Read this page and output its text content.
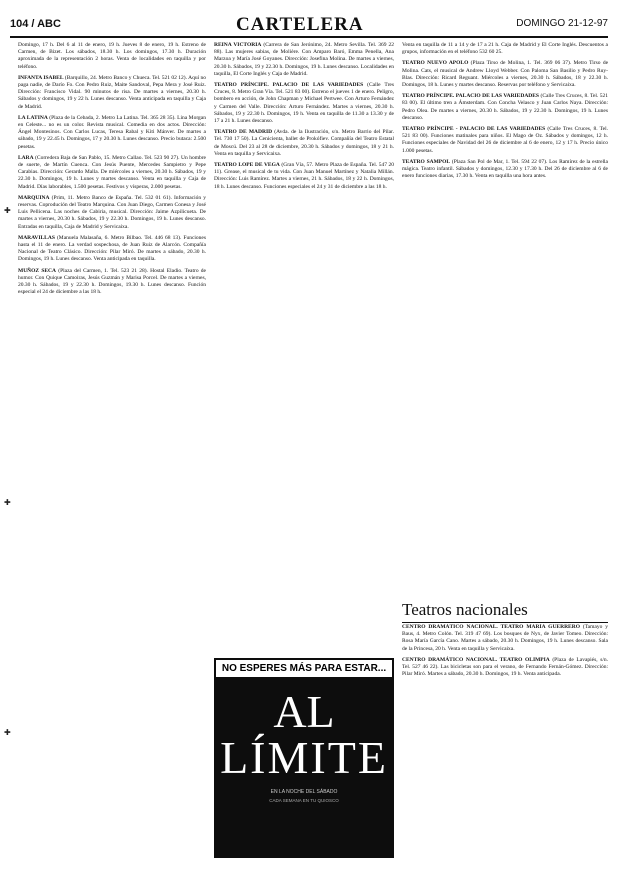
104 / ABC	CARTELERA	DOMINGO 21-12-97
✚
✚
✚

Domingo, 17 h. Del 6 al 11 de enero, 19 h. Jueves 8 de enero, 19 h. Estreno de Carmen, de Bizet. Los sábados, 18.30 h. Los domingos, 17.30 h. Duración aproximada de la representación 2 horas. Venta de localidades en taquilla y por teléfono.

INFANTA ISABEL (Barquillo, 24. Metro Banco y Chueca. Tel. 521 02 12). Aquí no paga nadie, de Darío Fo. Con Pedro Ruiz, Maite Sandoval, Pepa Mera y José Ruiz. Dirección: Francisco Vidal. 90 minutos de risa. De martes a viernes, 20.30 h. Sábados y domingos, 19 y 22 h. Lunes descanso. Venta anticipada en taquilla y Caja de Madrid.

LA LATINA (Plaza de la Cebada, 2. Metro La Latina. Tel. 365 28 35). Lina Morgan en Celeste... no es un color. Revista musical. Comedia en dos actos. Dirección: Ángel Montesinos. Con Carlos Lucas, Teresa Rabal y Kiti Mánver. De martes a sábado, 19 y 22.45 h. Domingos, 17 y 20.30 h. Lunes descanso. Precio butaca: 2.500 pesetas.

LARA (Corredera Baja de San Pablo, 15. Metro Callao. Tel. 523 90 27). Un hombre de suerte, de Martín Cuenca. Con Jesús Puente, Mercedes Sampietro y Pepe Carabias. Dirección: Gerardo Malla. De miércoles a viernes, 20.30 h. Sábados, 19 y 22.30 h. Domingos, 19 h. Lunes y martes descanso. Venta en taquilla y Caja de Madrid. Días laborables, 1.500 pesetas. Festivos y vísperas, 2.000 pesetas.

MARQUINA (Prim, 11. Metro Banco de España. Tel. 532 01 61). Información y reservas. Coprodución del Teatro Marquina. Con Juan Diego, Carmen Conesa y José Luis Pellicena. Las noches de Cabiria, musical. Dirección: Jaime Azpilicueta. De martes a viernes, 20.30 h. Sábados, 19 y 22.30 h. Domingos, 19 h. Lunes descanso. Entradas en taquilla, Caja de Madrid y Servicaixa.

MARAVILLAS (Manuela Malasaña, 6. Metro Bilbao. Tel. 446 68 13). Funciones hasta el 11 de enero. La verdad sospechosa, de Juan Ruiz de Alarcón. Compañía Nacional de Teatro Clásico. Dirección: Pilar Miró. De martes a sábado, 20.30 h. Domingos, 19 h. Lunes descanso. Venta anticipada en taquilla.

MUÑOZ SECA (Plaza del Carmen, 1. Tel. 523 21 28). Hostal Eladio. Teatro de humor. Con Quique Camoiras, Jesús Guzmán y Marisa Porcel. De martes a viernes, 20.30 h. Sábados, 19 y 22.30 h. Domingos, 19.30 h. Lunes descanso. Función especial el 24 de diciembre a las 18 h.

REINA VICTORIA (Carrera de San Jerónimo, 24. Metro Sevilla. Tel. 369 22 88). Las mujeres sabias, de Molière. Con Amparo Baró, Emma Penella, Ana Marzoa y María José Goyanes. Dirección: Josefina Molina. De martes a viernes, 20.30 h. Sábados, 19 y 22.30 h. Domingos, 19 h. Lunes descanso. Localidades en taquilla, El Corte Inglés y Caja de Madrid.

TEATRO PRÍNCIPE. PALACIO DE LAS VARIEDADES (Calle Tres Cruces, 8. Metro Gran Vía. Tel. 521 83 00). Estreno el jueves 1 de enero. Peligro, bombero en acción, de John Chapman y Michael Pertwee. Con Arturo Fernández y Carmen del Valle. Dirección: Arturo Fernández. Martes a viernes, 20.30 h. Sábados, 19 y 22.30 h. Domingos, 19 h. Venta en taquilla de 11.30 a 13.30 y de 17 a 21 h. Lunes descanso.

TEATRO DE MADRID (Avda. de la Ilustración, s/n. Metro Barrio del Pilar. Tel. 730 17 50). La Cenicienta, ballet de Prokófiev. Compañía del Teatro Estatal de Moscú. Del 23 al 28 de diciembre, 20.30 h. Sábados y domingos, 18 y 21 h. Venta en taquilla y Servicaixa.

TEATRO LOPE DE VEGA (Gran Vía, 57. Metro Plaza de España. Tel. 547 20 11). Grease, el musical de tu vida. Con Juan Manuel Martínez y Natalia Millán. Dirección: Luis Ramírez. Martes a viernes, 21 h. Sábados, 18 y 22 h. Domingos, 18 h. Lunes descanso. Funciones especiales el 24 y 31 de diciembre a las 18 h.

NO ESPERES MÁS PARA ESTAR...
AL
LÍMITE
EN LA NOCHE DEL SÁBADO
CADA SEMANA EN TU QUIOSCO

Venta en taquilla de 11 a 14 y de 17 a 21 h. Caja de Madrid y El Corte Inglés. Descuentos a grupos, información en el teléfono 532 60 25.

TEATRO NUEVO APOLO (Plaza Tirso de Molina, 1. Tel. 369 06 37). Metro Tirso de Molina. Cats, el musical de Andrew Lloyd Webber. Con Paloma San Basilio y Pedro Ruy-Blas. Dirección: Ricard Reguant. Miércoles a viernes, 20.30 h. Sábados, 18 y 22.30 h. Domingos, 18 h. Lunes y martes descanso. Reservas por teléfono y Servicaixa.

TEATRO PRÍNCIPE. PALACIO DE LAS VARIEDADES (Calle Tres Cruces, 8. Tel. 521 83 00). El último tren a Ámsterdam. Con Concha Velasco y Juan Carlos Naya. Dirección: Pedro Olea. De martes a viernes, 20.30 h. Sábados, 19 y 22.30 h. Domingos, 19 h. Lunes descanso.

TEATRO PRÍNCIPE - PALACIO DE LAS VARIEDADES (Calle Tres Cruces, 8. Tel. 521 83 00). Funciones matinales para niños. El Mago de Oz. Sábados y domingos, 12 h. Funciones especiales de Navidad del 26 de diciembre al 6 de enero, 12 y 17 h. Precio único 1.000 pesetas.

TEATRO SAMPOL (Plaza San Pol de Mar, 1. Tel. 594 22 07). Los Ramírez de la estrella mágica. Teatro infantil. Sábados y domingos, 12.30 y 17.30 h. Del 26 de diciembre al 6 de enero funciones diarias, 17.30 h. Venta en taquilla una hora antes.

Teatros nacionales

CENTRO DRAMÁTICO NACIONAL. TEATRO MARÍA GUERRERO (Tamayo y Baus, 4. Metro Colón. Tel. 319 47 69). Los bosques de Nyx, de Javier Tomeo. Dirección: Rosa María García Cano. Martes a sábado, 20.30 h. Domingos, 19 h. Lunes descanso. Sala de la Princesa, 20 h. Venta en taquilla y Servicaixa.

CENTRO DRAMÁTICO NACIONAL. TEATRO OLIMPIA (Plaza de Lavapiés, s/n. Tel. 527 46 22). Las bicicletas son para el verano, de Fernando Fernán-Gómez. Dirección: Pilar Miró. Martes a sábado, 20.30 h. Domingos, 19 h. Venta anticipada.
